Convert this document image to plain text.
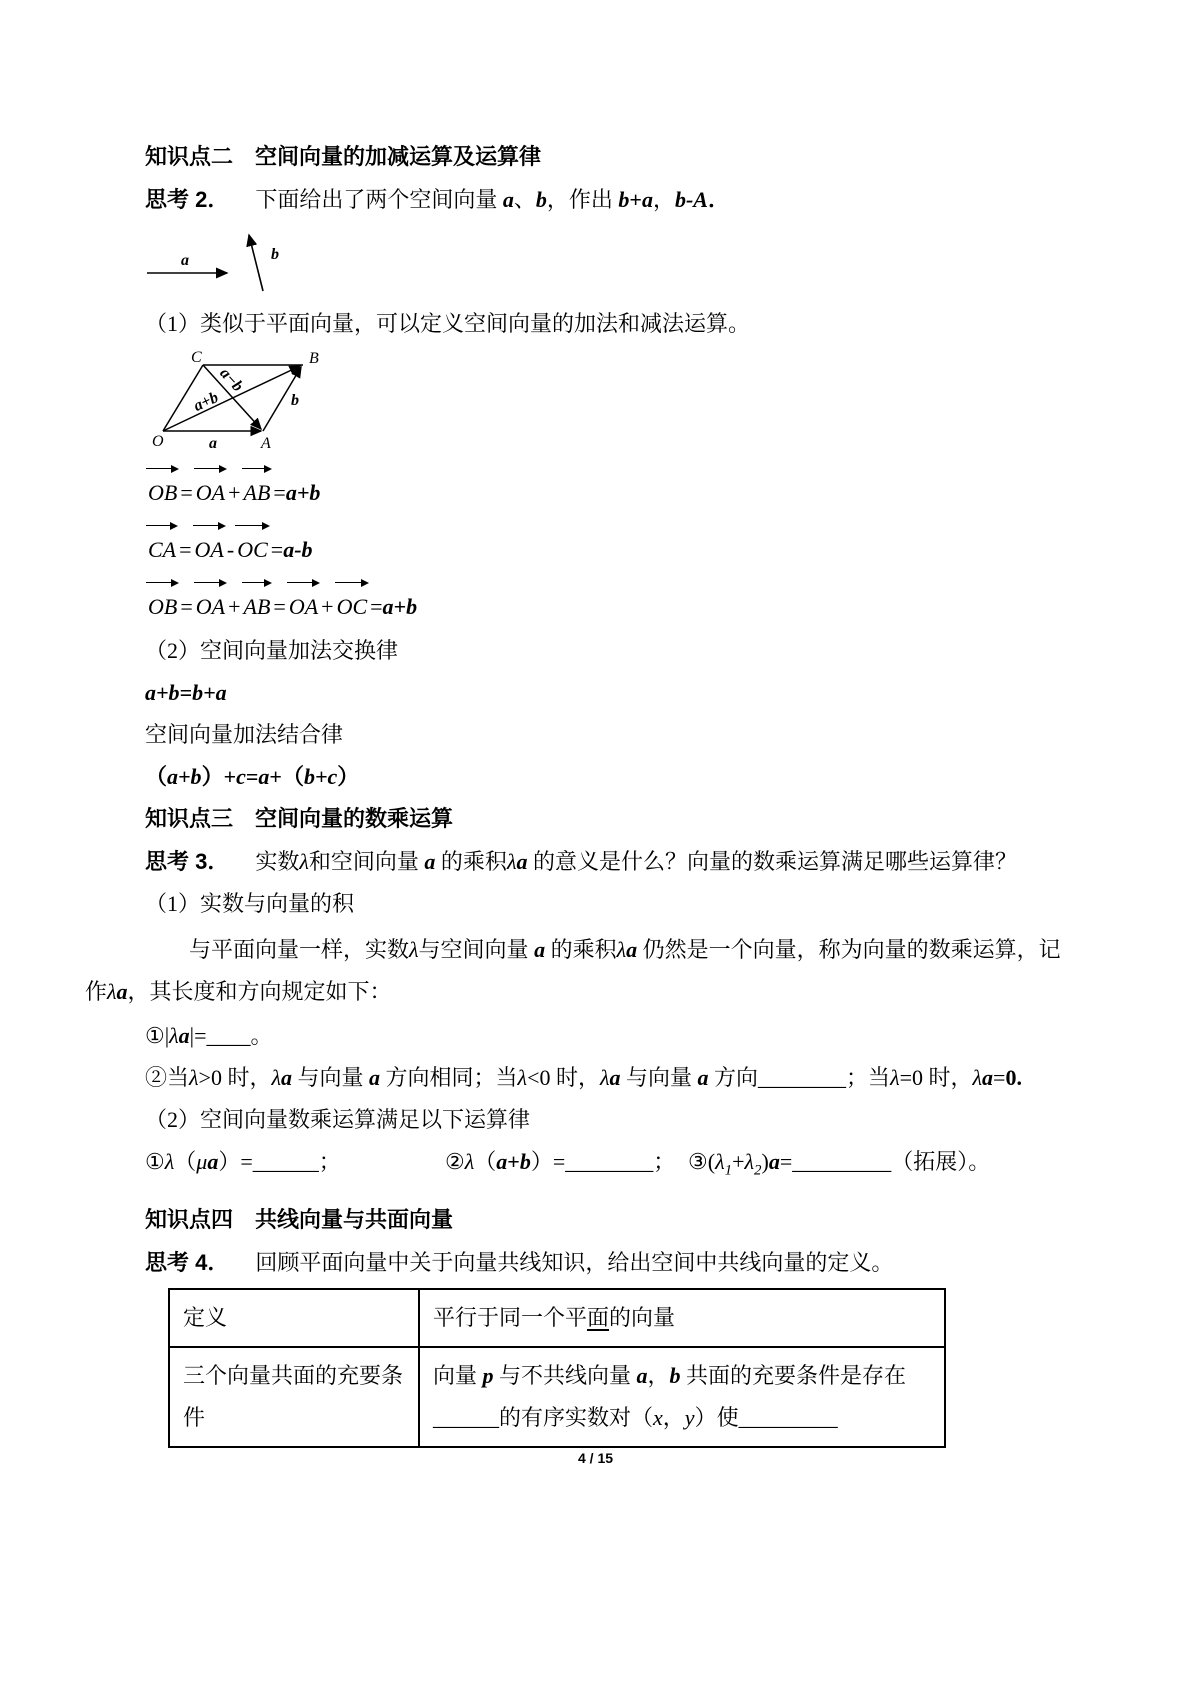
知识点二　空间向量的加减运算及运算律
思考 2． 下面给出了两个空间向量 a、b，作出 b+a，b-A．
a	b
（1）类似于平面向量，可以定义空间向量的加法和减法运算。
O	A
B
C
a
b
a+b
a−b
OB = OA + AB =a+b
CA = OA - OC =a-b
OB = OA + AB = OA + OC =a+b
（2）空间向量加法交换律
a+b=b+a
空间向量加法结合律
（a+b）+c=a+（b+c）
知识点三　空间向量的数乘运算
思考 3． 实数λ和空间向量 a 的乘积λa 的意义是什么？向量的数乘运算满足哪些运算律？
（1）实数与向量的积
与平面向量一样，实数λ与空间向量 a 的乘积λa 仍然是一个向量，称为向量的数乘运算，记作λa，其长度和方向规定如下：
①|λa|=____。
②当λ>0 时，λa 与向量 a 方向相同；当λ<0 时，λa 与向量 a 方向________；当λ=0 时，λa=0.
（2）空间向量数乘运算满足以下运算律
①λ（μa）=______；	②λ（a+b）=________； $③(\lambda_1+\lambda_2)a=\_\_\_\_\_\_\_\_\_$（拓展）。
知识点四　共线向量与共面向量
思考 4． 回顾平面向量中关于向量共线知识，给出空间中共线向量的定义。
定义	平行于同一个平面的向量
三个向量共面的充要条件	向量 p 与不共线向量 a，b 共面的充要条件是存在______的有序实数对（x，y）使_________
4 / 15
